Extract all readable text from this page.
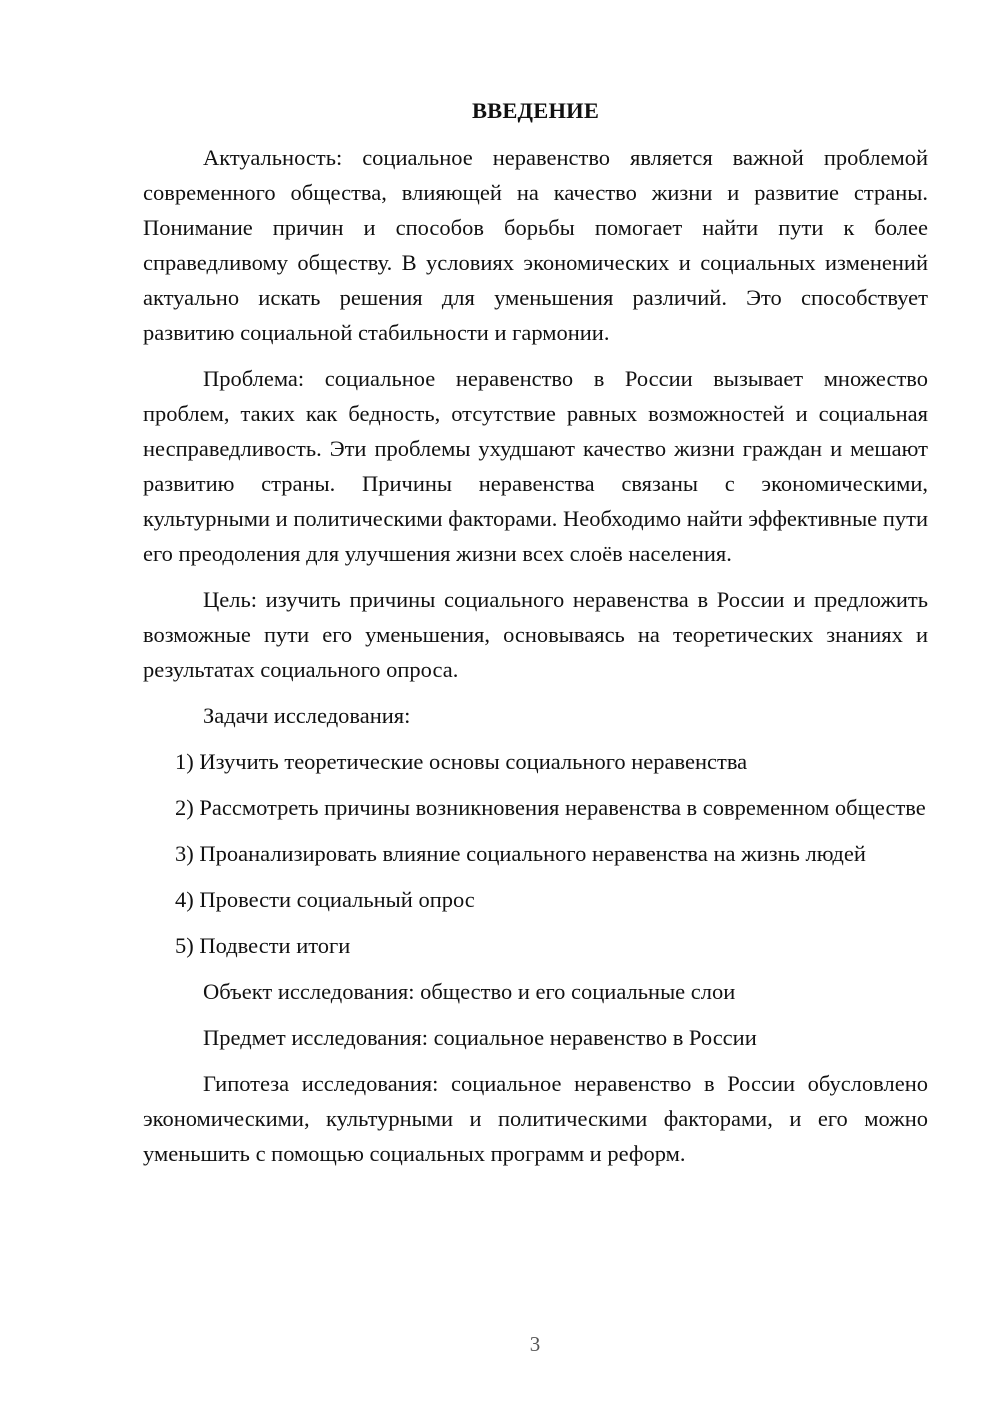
ВВЕДЕНИЕ

Актуальность: социальное неравенство является важной проблемой современного общества, влияющей на качество жизни и развитие страны. Понимание причин и способов борьбы помогает найти пути к более справедливому обществу. В условиях экономических и социальных изменений актуально искать решения для уменьшения различий. Это способствует развитию социальной стабильности и гармонии.

Проблема: социальное неравенство в России вызывает множество проблем, таких как бедность, отсутствие равных возможностей и социальная несправедливость. Эти проблемы ухудшают качество жизни граждан и мешают развитию страны. Причины неравенства связаны с экономическими, культурными и политическими факторами. Необходимо найти эффективные пути его преодоления для улучшения жизни всех слоёв населения.

Цель: изучить причины социального неравенства в России и предложить возможные пути его уменьшения, основываясь на теоретических знаниях и результатах социального опроса.

Задачи исследования:

1) Изучить теоретические основы социального неравенства

2) Рассмотреть причины возникновения неравенства в современном обществе

3) Проанализировать влияние социального неравенства на жизнь людей

4) Провести социальный опрос

5) Подвести итоги

Объект исследования: общество и его социальные слои

Предмет исследования: социальное неравенство в России

Гипотеза исследования: социальное неравенство в России обусловлено экономическими, культурными и политическими факторами, и его можно уменьшить с помощью социальных программ и реформ.

3
